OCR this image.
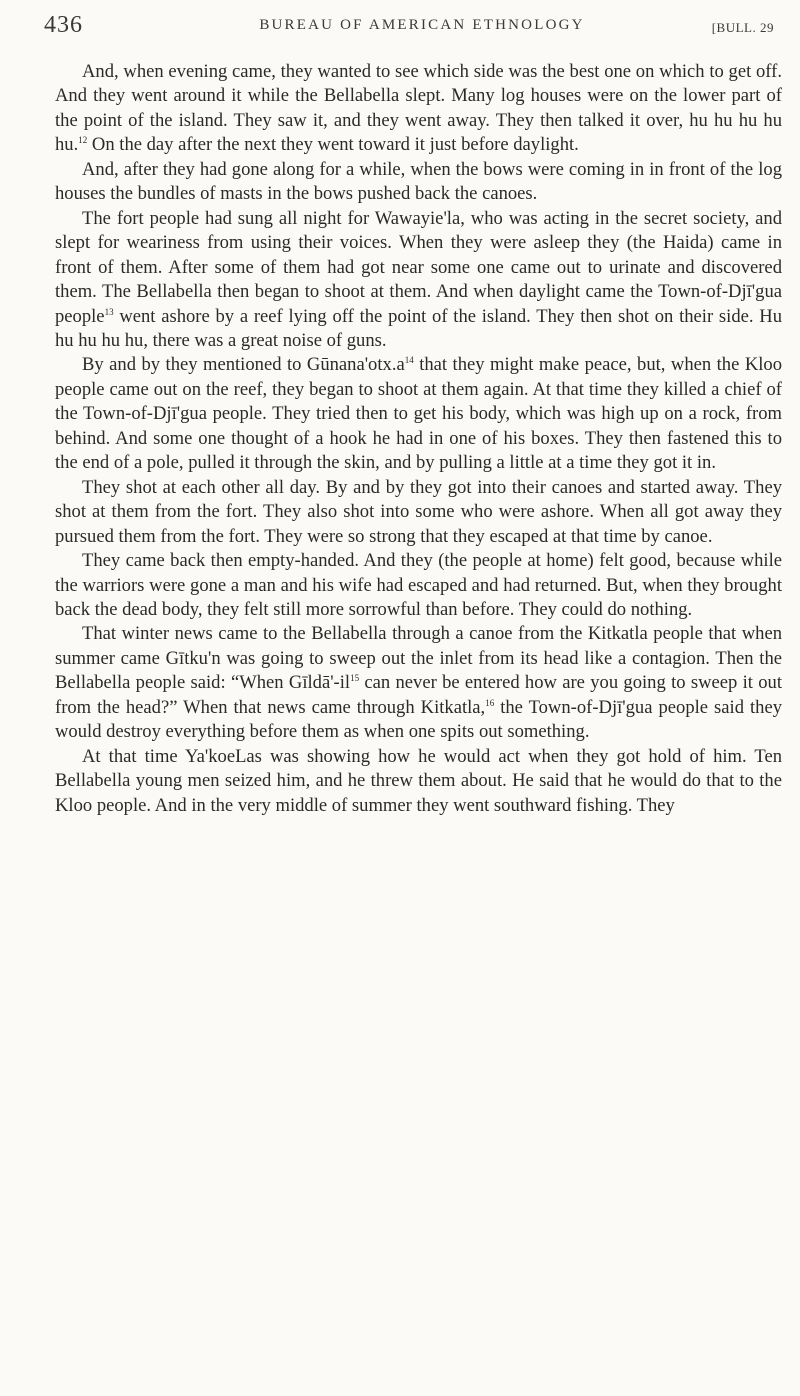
436	BUREAU OF AMERICAN ETHNOLOGY	[BULL. 29

And, when evening came, they wanted to see which side was the best one on which to get off. And they went around it while the Bellabella slept. Many log houses were on the lower part of the point of the island. They saw it, and they went away. They then talked it over, hu hu hu hu hu.$^{12}$ On the day after the next they went toward it just before daylight.

And, after they had gone along for a while, when the bows were coming in in front of the log houses the bundles of masts in the bows pushed back the canoes.

The fort people had sung all night for Wawayie'la, who was acting in the secret society, and slept for weariness from using their voices. When they were asleep they (the Haida) came in front of them. After some of them had got near some one came out to urinate and discovered them. The Bellabella then began to shoot at them. And when daylight came the Town-of-Djī'gua people$^{13}$ went ashore by a reef lying off the point of the island. They then shot on their side. Hu hu hu hu hu, there was a great noise of guns.

By and by they mentioned to $Gūnana'otx.a^{14}$ that they might make peace, but, when the Kloo people came out on the reef, they began to shoot at them again. At that time they killed a chief of the Town-of-Djī'gua people. They tried then to get his body, which was high up on a rock, from behind. And some one thought of a hook he had in one of his boxes. They then fastened this to the end of a pole, pulled it through the skin, and by pulling a little at a time they got it in.

They shot at each other all day. By and by they got into their canoes and started away. They shot at them from the fort. They also shot into some who were ashore. When all got away they pursued them from the fort. They were so strong that they escaped at that time by canoe.

They came back then empty-handed. And they (the people at home) felt good, because while the warriors were gone a man and his wife had escaped and had returned. But, when they brought back the dead body, they felt still more sorrowful than before. They could do nothing.

That winter news came to the Bellabella through a canoe from the Kitkatla people that when summer came Gītku'n was going to sweep out the inlet from its head like a contagion. Then the Bellabella people said: “When $Gīldā'-il^{15}$ can never be entered how are you going to sweep it out from the head?” When that news came through Kitkatla,$^{16}$ the Town-of-Djī'gua people said they would destroy everything before them as when one spits out something.

At that time Ya'koeLas was showing how he would act when they got hold of him. Ten Bellabella young men seized him, and he threw them about. He said that he would do that to the Kloo people. And in the very middle of summer they went southward fishing. They
